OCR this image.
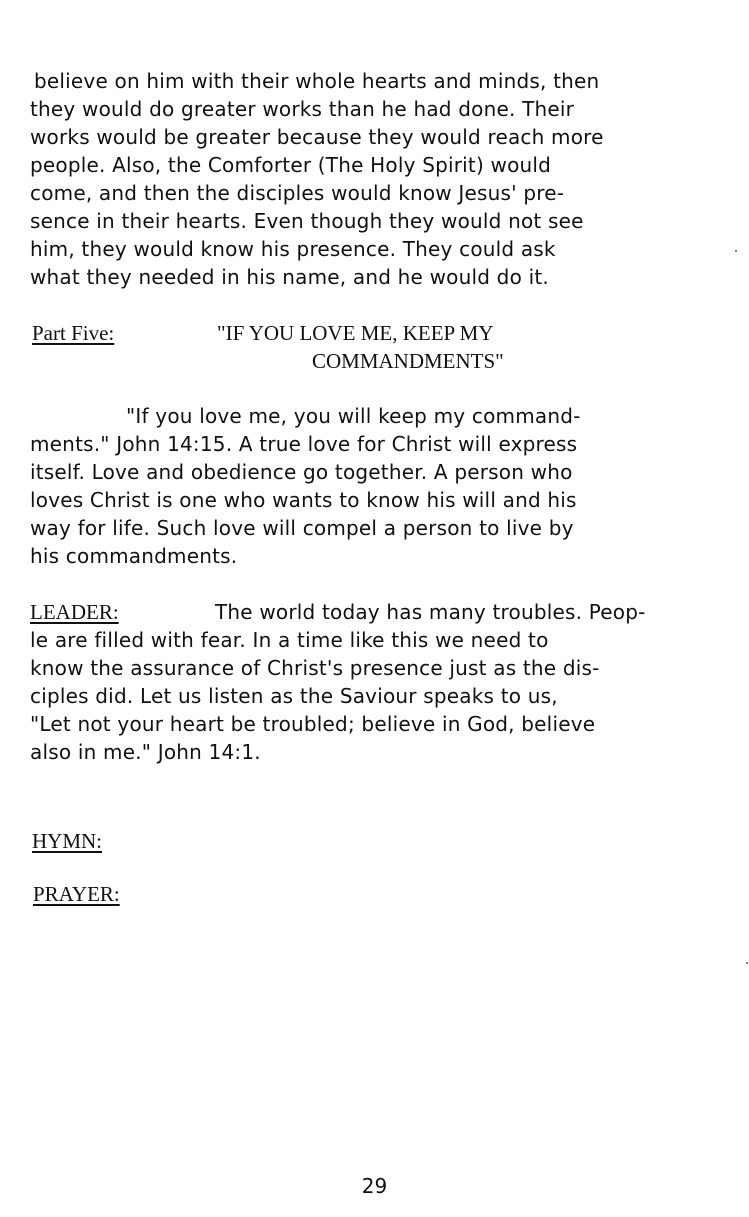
believe on him with their whole hearts and minds, then
they would do greater works than he had done. Their
works would be greater because they would reach more
people. Also, the Comforter (The Holy Spirit) would
come, and then the disciples would know Jesus' pre-
sence in their hearts. Even though they would not see
him, they would know his presence. They could ask
what they needed in his name, and he would do it.
Part Five:	"IF YOU LOVE ME, KEEP MY
COMMANDMENTS"
"If you love me, you will keep my command-
ments." John 14:15. A true love for Christ will express
itself. Love and obedience go together. A person who
loves Christ is one who wants to know his will and his
way for life. Such love will compel a person to live by
his commandments.
LEADER:	The world today has many troubles. Peop-
le are filled with fear. In a time like this we need to
know the assurance of Christ's presence just as the dis-
ciples did. Let us listen as the Saviour speaks to us,
"Let not your heart be troubled; believe in God, believe
also in me." John 14:1.
HYMN:
PRAYER:
29
